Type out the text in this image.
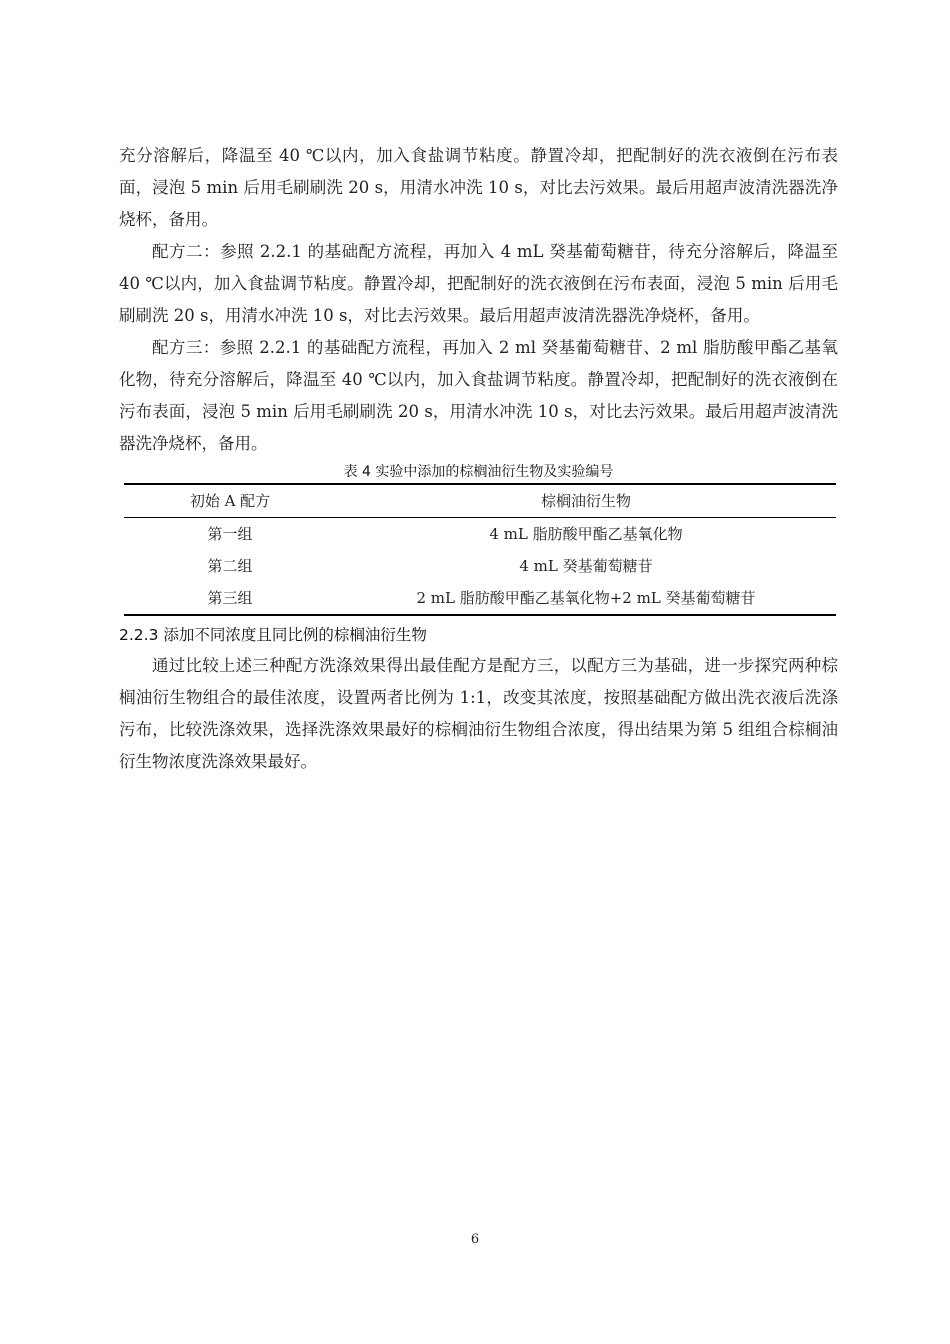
充分溶解后，降温至 40 ℃以内，加入食盐调节粘度。静置冷却，把配制好的洗衣液倒在污布表面，浸泡 5 min 后用毛刷刷洗 20 s，用清水冲洗 10 s，对比去污效果。最后用超声波清洗器洗净烧杯，备用。

配方二：参照 2.2.1 的基础配方流程，再加入 4 mL 癸基葡萄糖苷，待充分溶解后，降温至 40 ℃以内，加入食盐调节粘度。静置冷却，把配制好的洗衣液倒在污布表面，浸泡 5 min 后用毛刷刷洗 20 s，用清水冲洗 10 s，对比去污效果。最后用超声波清洗器洗净烧杯，备用。

配方三：参照 2.2.1 的基础配方流程，再加入 2 ml 癸基葡萄糖苷、2 ml 脂肪酸甲酯乙基氧化物，待充分溶解后，降温至 40 ℃以内，加入食盐调节粘度。静置冷却，把配制好的洗衣液倒在污布表面，浸泡 5 min 后用毛刷刷洗 20 s，用清水冲洗 10 s，对比去污效果。最后用超声波清洗器洗净烧杯，备用。

表 4 实验中添加的棕榈油衍生物及实验编号
初始 A 配方	棕榈油衍生物
第一组	4 mL 脂肪酸甲酯乙基氧化物
第二组	4 mL 癸基葡萄糖苷
第三组	2 mL 脂肪酸甲酯乙基氧化物+2 mL 癸基葡萄糖苷

2.2.3 添加不同浓度且同比例的棕榈油衍生物

通过比较上述三种配方洗涤效果得出最佳配方是配方三，以配方三为基础，进一步探究两种棕榈油衍生物组合的最佳浓度，设置两者比例为 1:1，改变其浓度，按照基础配方做出洗衣液后洗涤污布，比较洗涤效果，选择洗涤效果最好的棕榈油衍生物组合浓度，得出结果为第 5 组组合棕榈油衍生物浓度洗涤效果最好。

6
